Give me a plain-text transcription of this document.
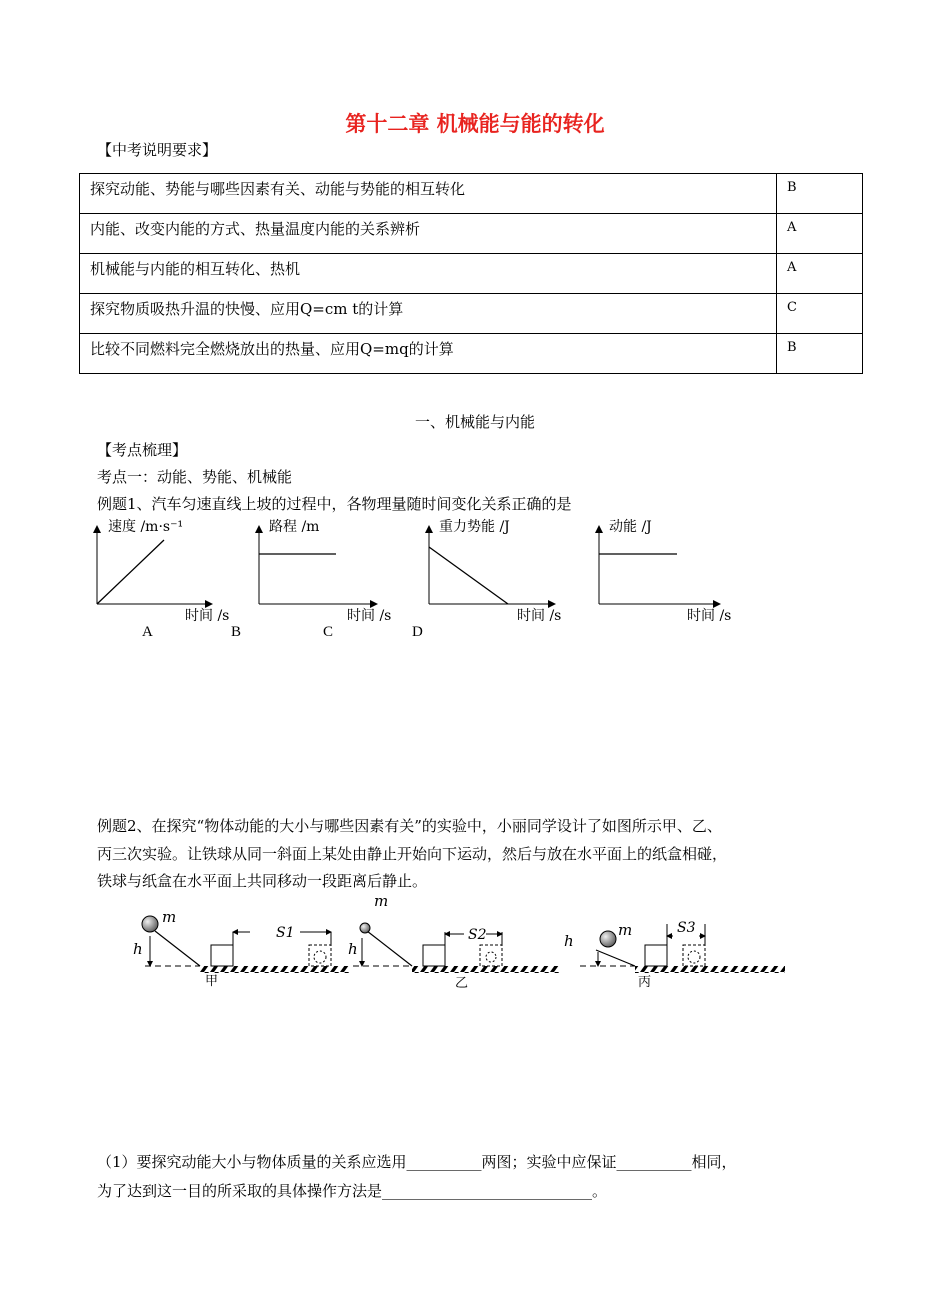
第十二章 机械能与能的转化
【中考说明要求】
探究动能、势能与哪些因素有关、动能与势能的相互转化	B
内能、改变内能的方式、热量温度内能的关系辨析	A
机械能与内能的相互转化、热机	A
探究物质吸热升温的快慢、应用Q=cm t的计算	C
比较不同燃料完全燃烧放出的热量、应用Q=mq的计算	B
一、机械能与内能
【考点梳理】
考点一：动能、势能、机械能
例题1、汽车匀速直线上坡的过程中，各物理量随时间变化关系正确的是
速度 /m·s⁻¹
时间 /s
路程 /m
时间 /s
重力势能 /J
时间 /s
动能 /J
时间 /s
A	B	C	D
例题2、在探究“物体动能的大小与哪些因素有关”的实验中，小丽同学设计了如图所示甲、乙、
丙三次实验。让铁球从同一斜面上某处由静止开始向下运动，然后与放在水平面上的纸盒相碰，
铁球与纸盒在水平面上共同移动一段距离后静止。
m
h
S1
甲
m
h
S2
乙
m
h
S3
丙
（1）要探究动能大小与物体质量的关系应选用__________两图；实验中应保证__________相同，
为了达到这一目的所采取的具体操作方法是____________________________。
